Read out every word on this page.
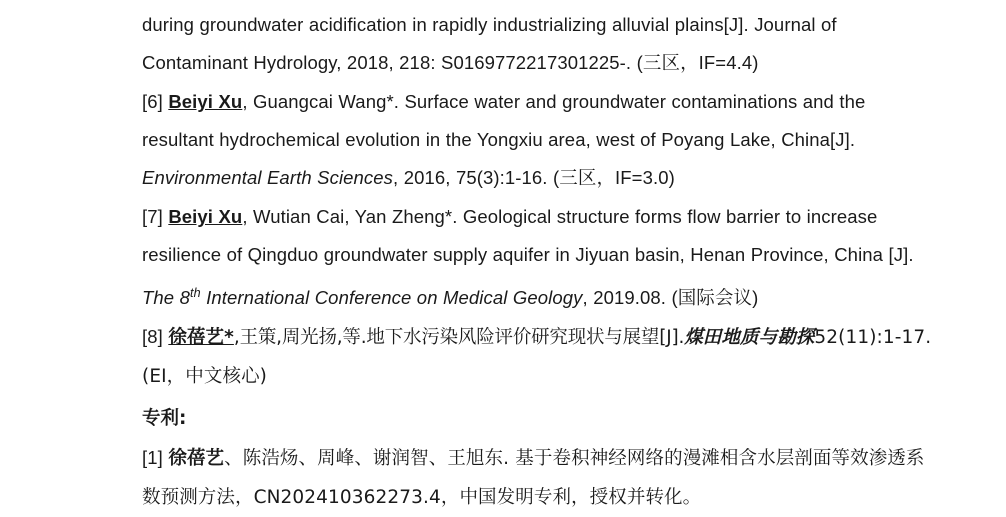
during groundwater acidification in rapidly industrializing alluvial plains[J]. Journal of Contaminant Hydrology, 2018, 218: S0169772217301225-. (三区，IF=4.4)

[6] Beiyi Xu, Guangcai Wang*. Surface water and groundwater contaminations and the resultant hydrochemical evolution in the Yongxiu area, west of Poyang Lake, China[J]. Environmental Earth Sciences, 2016, 75(3):1-16. (三区，IF=3.0)

[7] Beiyi Xu, Wutian Cai, Yan Zheng*. Geological structure forms flow barrier to increase resilience of Qingduo groundwater supply aquifer in Jiyuan basin, Henan Province, China [J]. The 8th International Conference on Medical Geology, 2019.08. (国际会议)

[8] 徐蓓艺*,王策,周光扬,等.地下水污染风险评价研究现状与展望[J].煤田地质与勘探52(11):1-17. (EI，中文核心)

专利:

[1] 徐蓓艺、陈浩炀、周峰、谢润智、王旭东. 基于卷积神经网络的漫滩相含水层剖面等效渗透系数预测方法，CN202410362273.4，中国发明专利，授权并转化。
